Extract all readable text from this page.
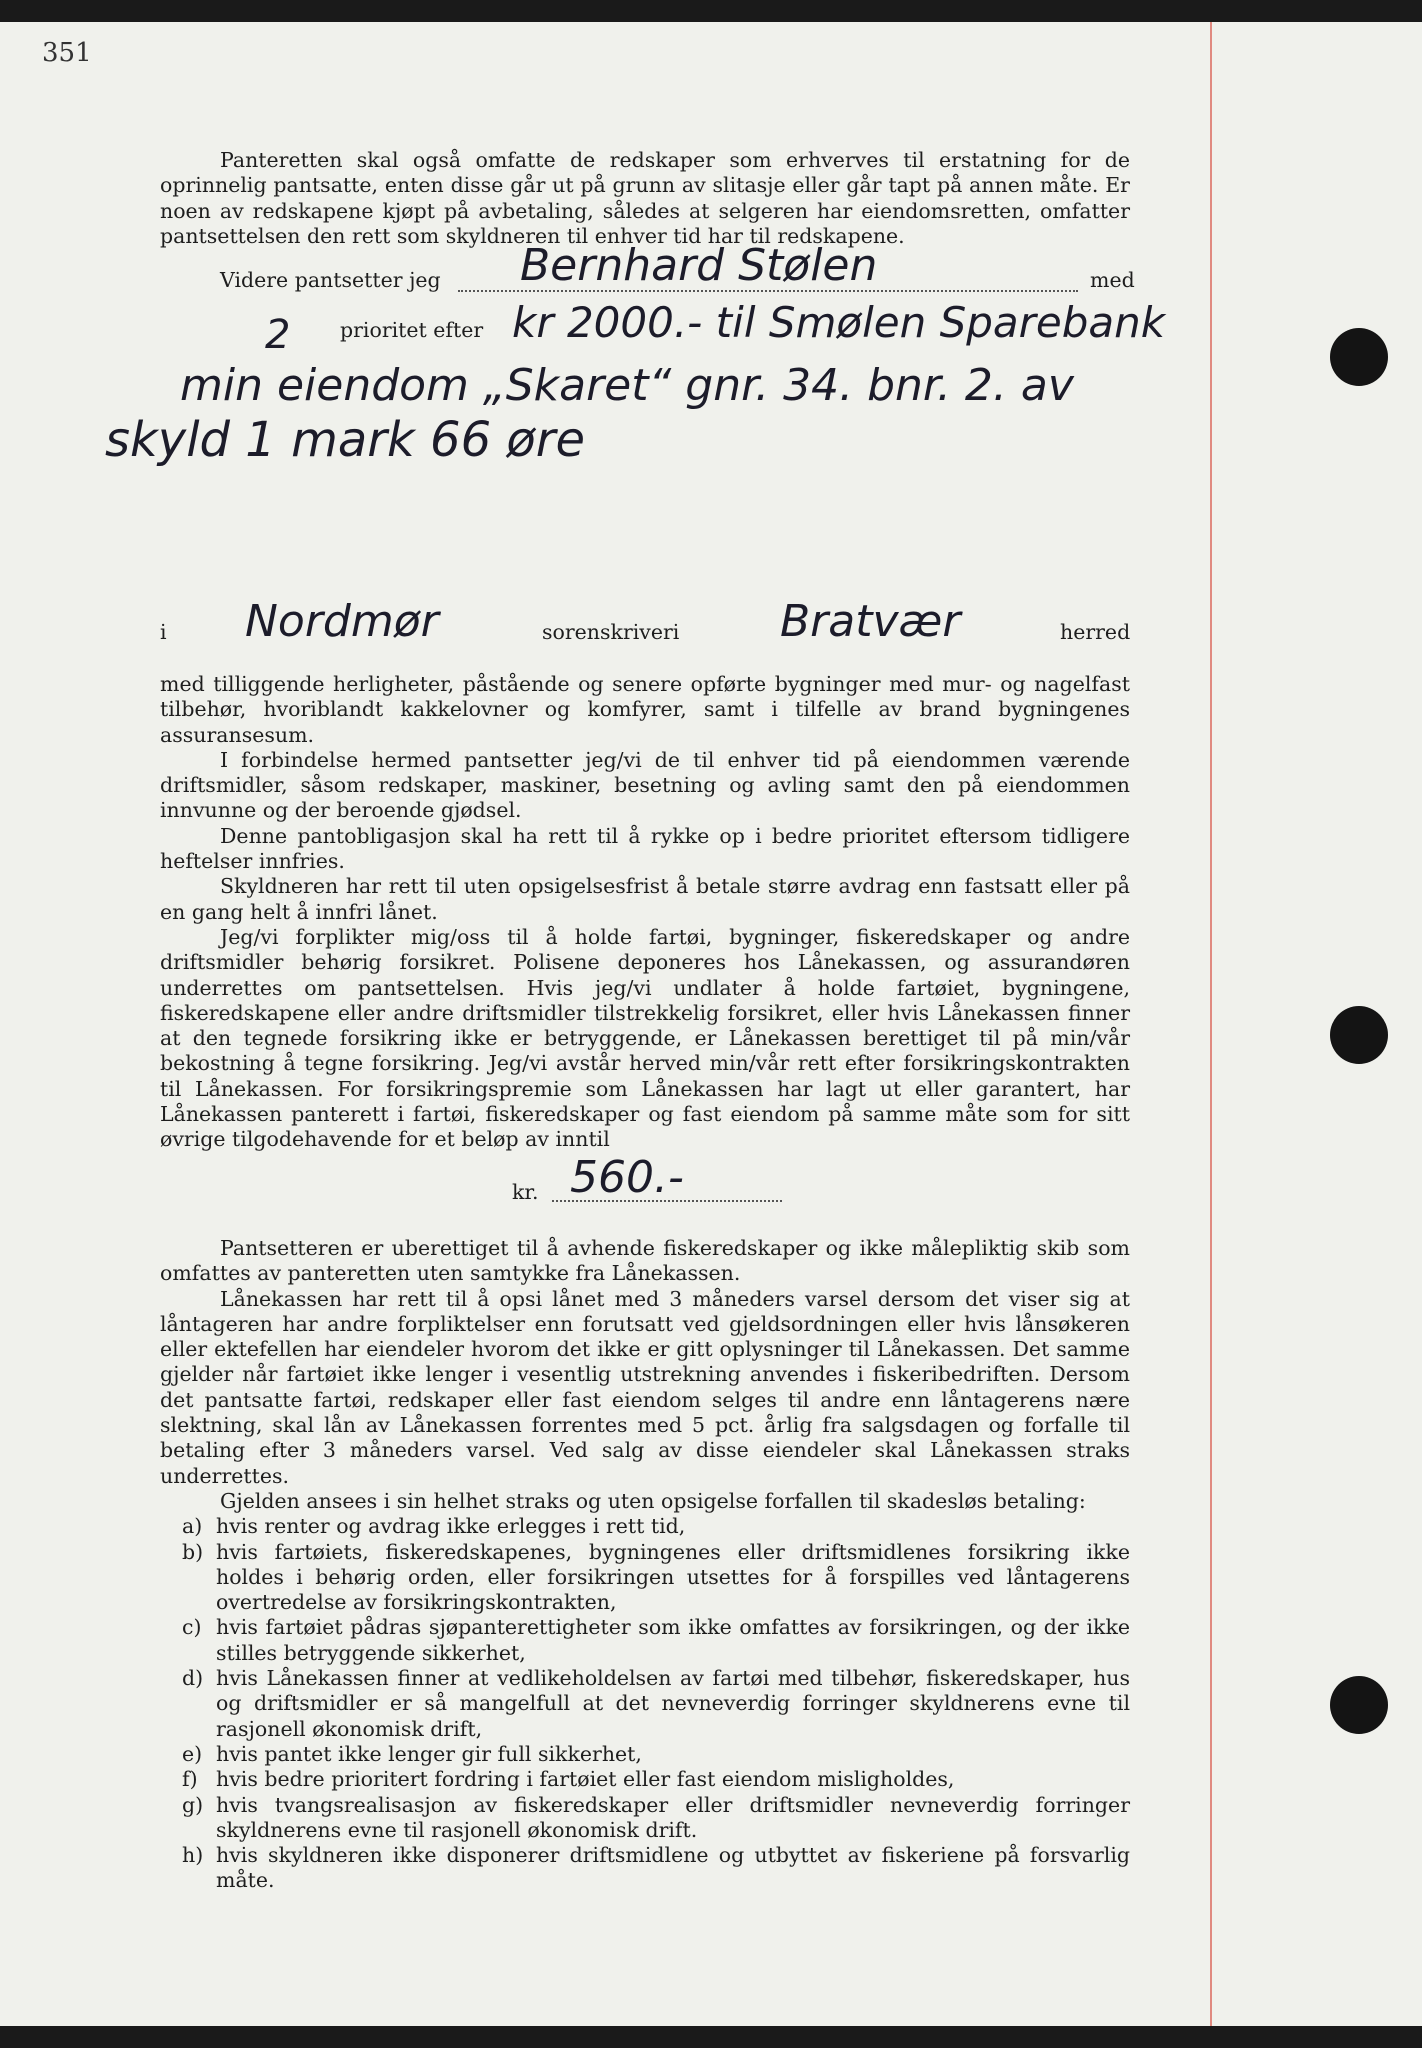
351

Panteretten skal også omfatte de redskaper som erhverves til erstatning for de oprinnelig pantsatte, enten disse går ut på grunn av slitasje eller går tapt på annen måte. Er noen av redskapene kjøpt på avbetaling, således at selgeren har eiendomsretten, omfatter pantsettelsen den rett som skyldneren til enhver tid har til redskapene.

Videre pantsetter jeg Bernhard Stølen	med
2 prioritet efter kr 2000.- til Smølen Sparebank
min eiendom „Skaret“ gnr. 34. bnr. 2. av
skyld 1 mark 66 øre
i Nordmør	sorenskriveri Bratvær	herred

med tilliggende herligheter, påstående og senere opførte bygninger med mur- og nagelfast tilbehør, hvoriblandt kakkelovner og komfyrer, samt i tilfelle av brand bygningenes assuransesum.

I forbindelse hermed pantsetter jeg/vi de til enhver tid på eiendommen værende driftsmidler, såsom redskaper, maskiner, besetning og avling samt den på eiendommen innvunne og der beroende gjødsel.

Denne pantobligasjon skal ha rett til å rykke op i bedre prioritet eftersom tidligere heftelser innfries.

Skyldneren har rett til uten opsigelsesfrist å betale større avdrag enn fastsatt eller på en gang helt å innfri lånet.

Jeg/vi forplikter mig/oss til å holde fartøi, bygninger, fiskeredskaper og andre driftsmidler behørig forsikret. Polisene deponeres hos Lånekassen, og assurandøren underrettes om pantsettelsen. Hvis jeg/vi undlater å holde fartøiet, bygningene, fiskeredskapene eller andre driftsmidler tilstrekkelig forsikret, eller hvis Lånekassen finner at den tegnede forsikring ikke er betryggende, er Lånekassen berettiget til på min/vår bekostning å tegne forsikring. Jeg/vi avstår herved min/vår rett efter forsikringskontrakten til Lånekassen. For forsikringspremie som Lånekassen har lagt ut eller garantert, har Lånekassen panterett i fartøi, fiskeredskaper og fast eiendom på samme måte som for sitt øvrige tilgodehavende for et beløp av inntil

kr. 560.-

Pantsetteren er uberettiget til å avhende fiskeredskaper og ikke målepliktig skib som omfattes av panteretten uten samtykke fra Lånekassen.

Lånekassen har rett til å opsi lånet med 3 måneders varsel dersom det viser sig at låntageren har andre forpliktelser enn forutsatt ved gjeldsordningen eller hvis lånsøkeren eller ektefellen har eiendeler hvorom det ikke er gitt oplysninger til Lånekassen. Det samme gjelder når fartøiet ikke lenger i vesentlig utstrekning anvendes i fiskeribedriften. Dersom det pantsatte fartøi, redskaper eller fast eiendom selges til andre enn låntagerens nære slektning, skal lån av Lånekassen forrentes med 5 pct. årlig fra salgsdagen og forfalle til betaling efter 3 måneders varsel. Ved salg av disse eiendeler skal Lånekassen straks underrettes.

Gjelden ansees i sin helhet straks og uten opsigelse forfallen til skadesløs betaling:

a) hvis renter og avdrag ikke erlegges i rett tid,
b) hvis fartøiets, fiskeredskapenes, bygningenes eller driftsmidlenes forsikring ikke holdes i behørig orden, eller forsikringen utsettes for å forspilles ved låntagerens overtredelse av forsikringskontrakten,
c) hvis fartøiet pådras sjøpanterettigheter som ikke omfattes av forsikringen, og der ikke stilles betryggende sikkerhet,
d) hvis Lånekassen finner at vedlikeholdelsen av fartøi med tilbehør, fiskeredskaper, hus og driftsmidler er så mangelfull at det nevneverdig forringer skyldnerens evne til rasjonell økonomisk drift,
e) hvis pantet ikke lenger gir full sikkerhet,
f) hvis bedre prioritert fordring i fartøiet eller fast eiendom misligholdes,
g) hvis tvangsrealisasjon av fiskeredskaper eller driftsmidler nevneverdig forringer skyldnerens evne til rasjonell økonomisk drift.
h) hvis skyldneren ikke disponerer driftsmidlene og utbyttet av fiskeriene på forsvarlig måte.
